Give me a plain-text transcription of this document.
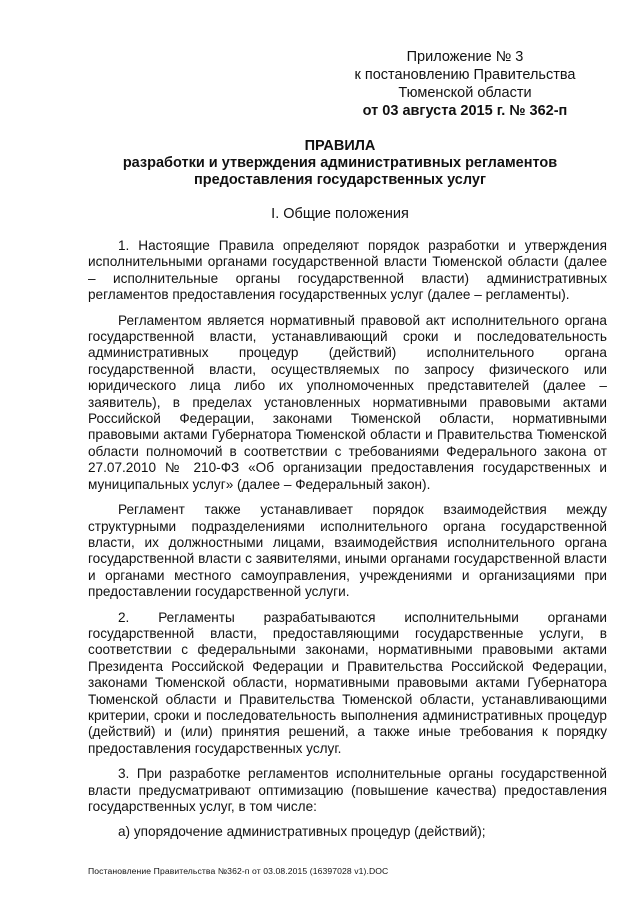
Приложение № 3
к постановлению Правительства
Тюменской области
от 03 августа 2015 г. № 362-п
ПРАВИЛА
разработки и утверждения административных регламентов
предоставления государственных услуг
I. Общие положения

1. Настоящие Правила определяют порядок разработки и утверждения исполнительными органами государственной власти Тюменской области (далее – исполнительные органы государственной власти) административных регламентов предоставления государственных услуг (далее – регламенты).

Регламентом является нормативный правовой акт исполнительного органа государственной власти, устанавливающий сроки и последовательность административных процедур (действий) исполнительного органа государственной власти, осуществляемых по запросу физического или юридического лица либо их уполномоченных представителей (далее – заявитель), в пределах установленных нормативными правовыми актами Российской Федерации, законами Тюменской области, нормативными правовыми актами Губернатора Тюменской области и Правительства Тюменской области полномочий в соответствии с требованиями Федерального закона от 27.07.2010 № 210-ФЗ «Об организации предоставления государственных и муниципальных услуг» (далее – Федеральный закон).

Регламент также устанавливает порядок взаимодействия между структурными подразделениями исполнительного органа государственной власти, их должностными лицами, взаимодействия исполнительного органа государственной власти с заявителями, иными органами государственной власти и органами местного самоуправления, учреждениями и организациями при предоставлении государственной услуги.

2. Регламенты разрабатываются исполнительными органами государственной власти, предоставляющими государственные услуги, в соответствии с федеральными законами, нормативными правовыми актами Президента Российской Федерации и Правительства Российской Федерации, законами Тюменской области, нормативными правовыми актами Губернатора Тюменской области и Правительства Тюменской области, устанавливающими критерии, сроки и последовательность выполнения административных процедур (действий) и (или) принятия решений, а также иные требования к порядку предоставления государственных услуг.

3. При разработке регламентов исполнительные органы государственной власти предусматривают оптимизацию (повышение качества) предоставления государственных услуг, в том числе:

а) упорядочение административных процедур (действий);

Постановление Правительства №362-п от 03.08.2015 (16397028 v1).DOC
